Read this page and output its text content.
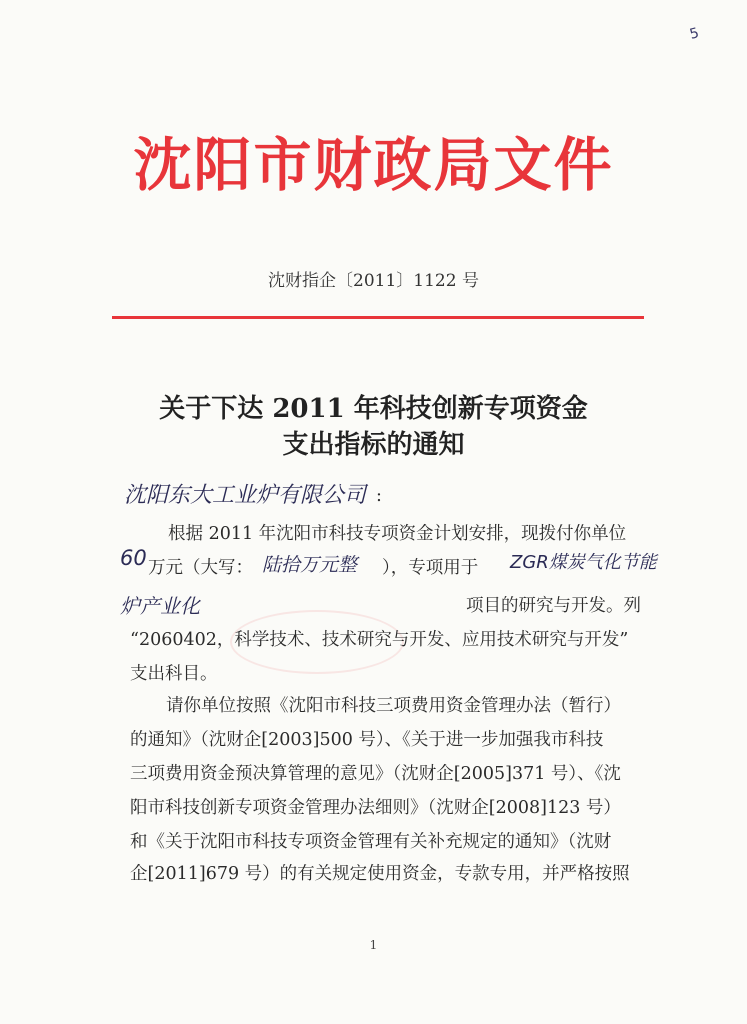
5
沈阳市财政局文件
沈财指企〔2011〕1122 号
关于下达 2011 年科技创新专项资金
支出指标的通知
沈阳东大工业炉有限公司 :
根据 2011 年沈阳市科技专项资金计划安排，现拨付你单位
60 万元（大写： 陆拾万元整 ），专项用于 ZGR煤炭气化节能
炉产业化	项目的研究与开发。列
“2060402，科学技术、技术研究与开发、应用技术研究与开发”
支出科目。
请你单位按照《沈阳市科技三项费用资金管理办法（暂行）
的通知》（沈财企[2003]500 号）、《关于进一步加强我市科技
三项费用资金预决算管理的意见》（沈财企[2005]371 号）、《沈
阳市科技创新专项资金管理办法细则》（沈财企[2008]123 号）
和《关于沈阳市科技专项资金管理有关补充规定的通知》（沈财
企[2011]679 号）的有关规定使用资金，专款专用，并严格按照
1
